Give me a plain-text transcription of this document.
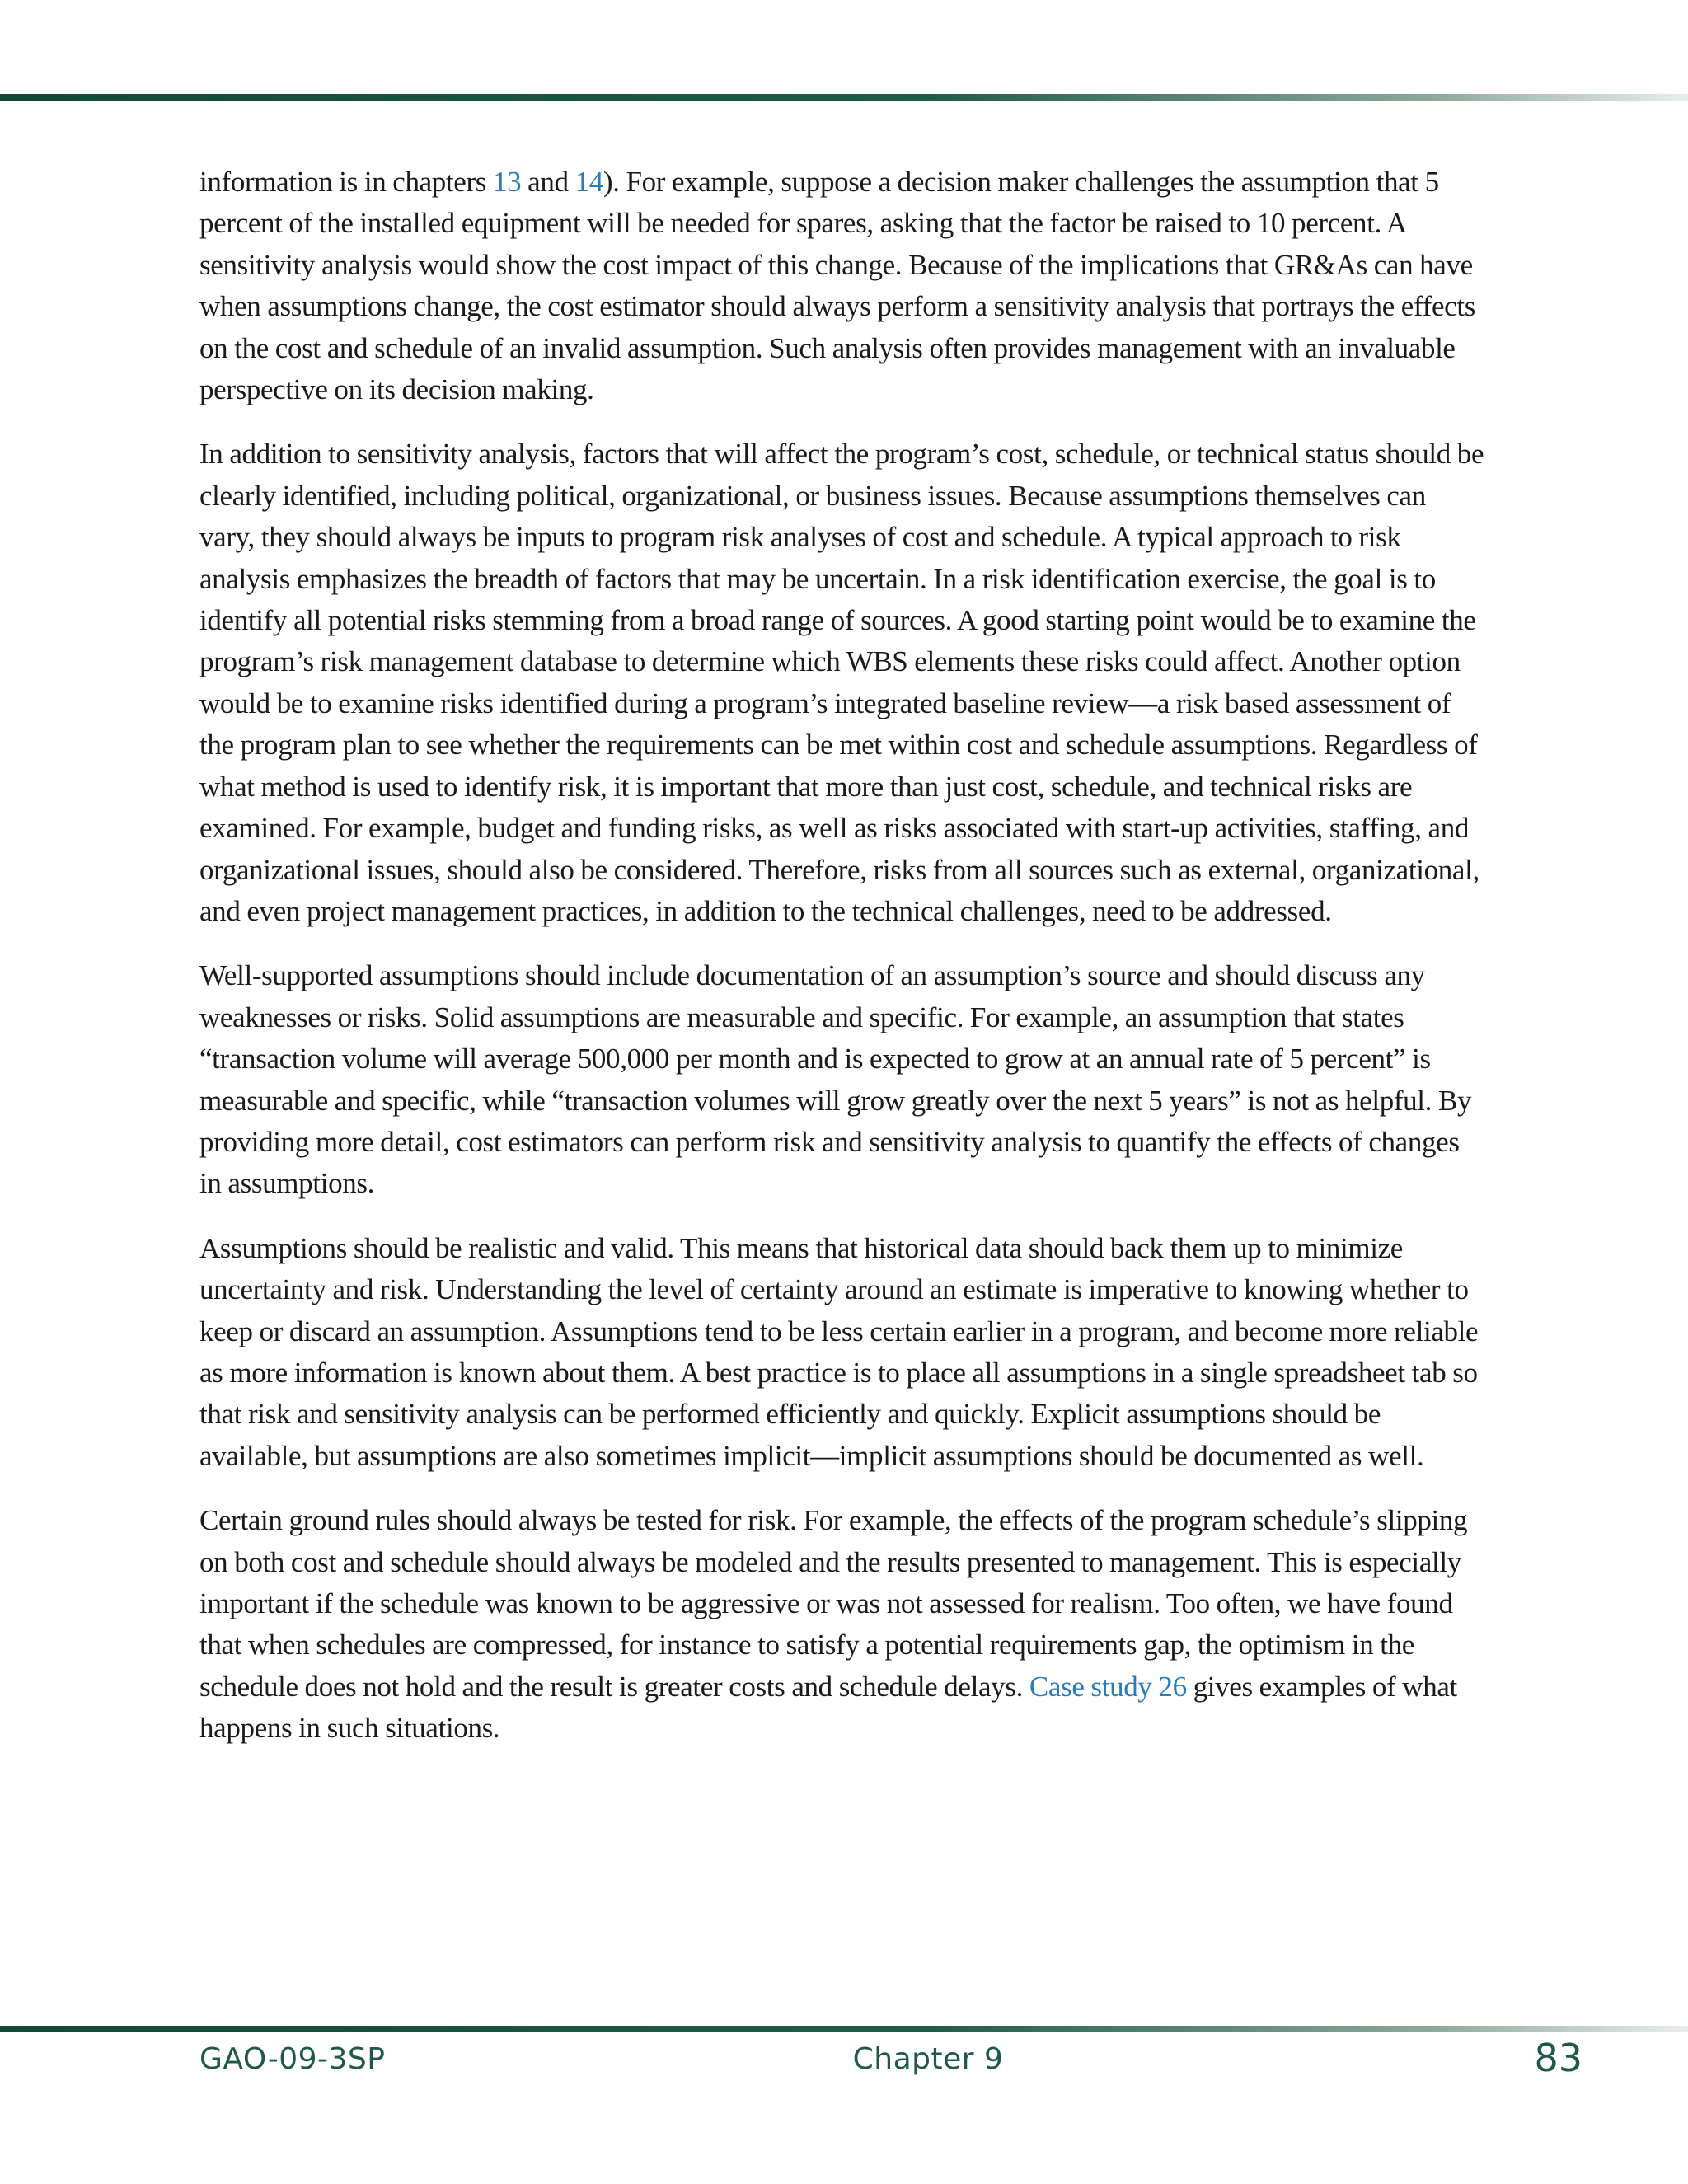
information is in chapters 13 and 14). For example, suppose a decision maker challenges the assumption that 5 percent of the installed equipment will be needed for spares, asking that the factor be raised to 10 percent. A sensitivity analysis would show the cost impact of this change. Because of the implications that GR&As can have when assumptions change, the cost estimator should always perform a sensitivity analysis that portrays the effects on the cost and schedule of an invalid assumption. Such analysis often provides management with an invaluable perspective on its decision making.

In addition to sensitivity analysis, factors that will affect the program’s cost, schedule, or technical status should be clearly identified, including political, organizational, or business issues. Because assumptions themselves can vary, they should always be inputs to program risk analyses of cost and schedule. A typical approach to risk analysis emphasizes the breadth of factors that may be uncertain. In a risk identification exercise, the goal is to identify all potential risks stemming from a broad range of sources. A good starting point would be to examine the program’s risk management database to determine which WBS elements these risks could affect. Another option would be to examine risks identified during a program’s integrated baseline review—a risk based assessment of the program plan to see whether the requirements can be met within cost and schedule assumptions. Regardless of what method is used to identify risk, it is important that more than just cost, schedule, and technical risks are examined. For example, budget and funding risks, as well as risks associated with start-up activities, staffing, and organizational issues, should also be considered. Therefore, risks from all sources such as external, organizational, and even project management practices, in addition to the technical challenges, need to be addressed.

Well-supported assumptions should include documentation of an assumption’s source and should discuss any weaknesses or risks. Solid assumptions are measurable and specific. For example, an assumption that states “transaction volume will average 500,000 per month and is expected to grow at an annual rate of 5 percent” is measurable and specific, while “transaction volumes will grow greatly over the next 5 years” is not as helpful. By providing more detail, cost estimators can perform risk and sensitivity analysis to quantify the effects of changes in assumptions.

Assumptions should be realistic and valid. This means that historical data should back them up to minimize uncertainty and risk. Understanding the level of certainty around an estimate is imperative to knowing whether to keep or discard an assumption. Assumptions tend to be less certain earlier in a program, and become more reliable as more information is known about them. A best practice is to place all assumptions in a single spreadsheet tab so that risk and sensitivity analysis can be performed efficiently and quickly. Explicit assumptions should be available, but assumptions are also sometimes implicit—implicit assumptions should be documented as well.

Certain ground rules should always be tested for risk. For example, the effects of the program schedule’s slipping on both cost and schedule should always be modeled and the results presented to management. This is especially important if the schedule was known to be aggressive or was not assessed for realism. Too often, we have found that when schedules are compressed, for instance to satisfy a potential requirements gap, the optimism in the schedule does not hold and the result is greater costs and schedule delays. Case study 26 gives examples of what happens in such situations.

GAO-09-3SP	Chapter 9	83
